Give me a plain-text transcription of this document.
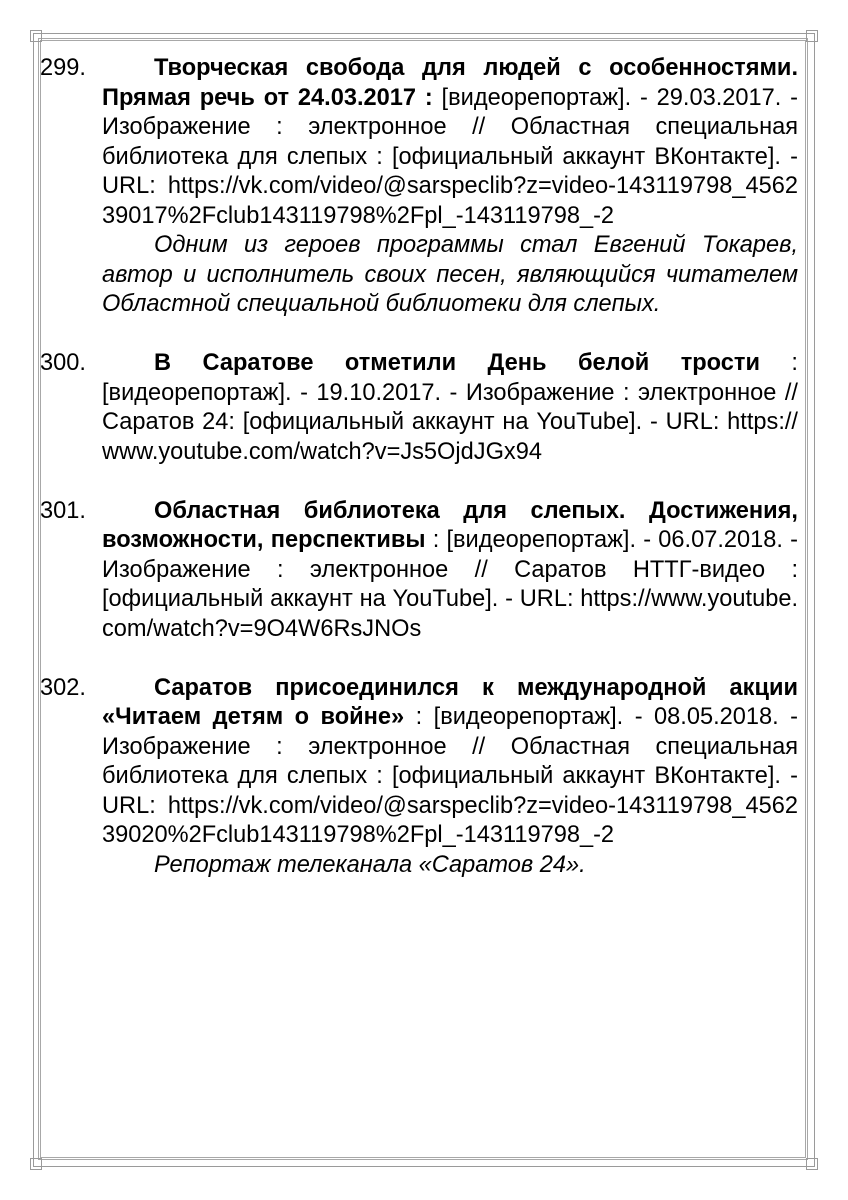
299.	Творческая свобода для людей с особенностями. Прямая речь от 24.03.2017 : [видеорепортаж]. - 29.03.2017. - Изображение : электронное // Областная специальная библиотека для слепых : [официальный аккаунт ВКонтакте]. - URL: https://vk.com/video/@sarspeclib?z=video-143119798_456239017%2Fclub143119798%2Fpl_-143119798_-2
Одним из героев программы стал Евгений Токарев, автор и исполнитель своих песен, являющийся читателем Областной специальной библиотеки для слепых.
300.	В Саратове отметили День белой трости : [видеорепортаж]. - 19.10.2017. - Изображение : электронное // Саратов 24: [официальный аккаунт на YouTube]. - URL: https://www.youtube.com/watch?v=Js5OjdJGx94
301.	Областная библиотека для слепых. Достижения, возможности, перспективы : [видеорепортаж]. - 06.07.2018. - Изображение : электронное // Саратов НТТГ-видео : [официальный аккаунт на YouTube]. - URL: https://www.youtube.com/watch?v=9O4W6RsJNOs
302.	Саратов присоединился к международной акции «Читаем детям о войне» : [видеорепортаж]. - 08.05.2018. - Изображение : электронное // Областная специальная библиотека для слепых : [официальный аккаунт ВКонтакте]. - URL: https://vk.com/video/@sarspeclib?z=video-143119798_456239020%2Fclub143119798%2Fpl_-143119798_-2
Репортаж телеканала «Саратов 24».
